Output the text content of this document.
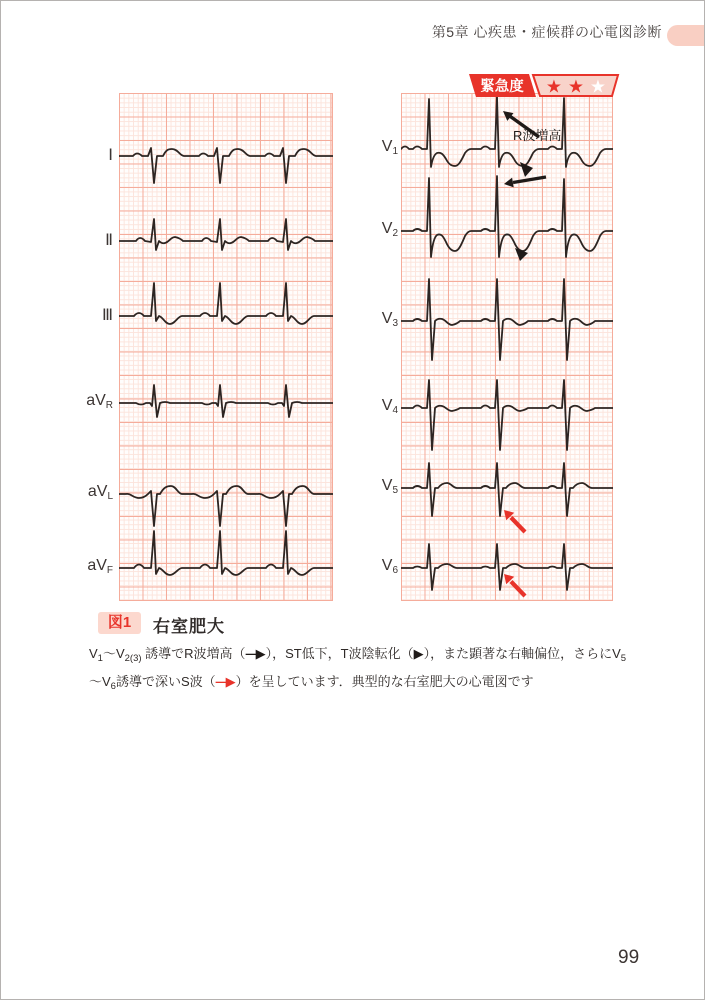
第5章 心疾患・症候群の心電図診断
R波増高
Ⅰ
Ⅱ
Ⅲ
$aV_R$
$aV_L$
$aV_F$
$V_1$
$V_2$
$V_3$
$V_4$
$V_5$
$V_6$
緊急度 ★ ★ ★
図1	右室肥大
$V_1\sim V_{2(3)}$ 誘導でR波増高（—▶ ），ST低下，T波陰転化（▶），また顕著な右軸偏位，さらに$V_5$
$\sim V_6$誘導で深いS波（—▶ ）を呈しています．典型的な右室肥大の心電図です
99
